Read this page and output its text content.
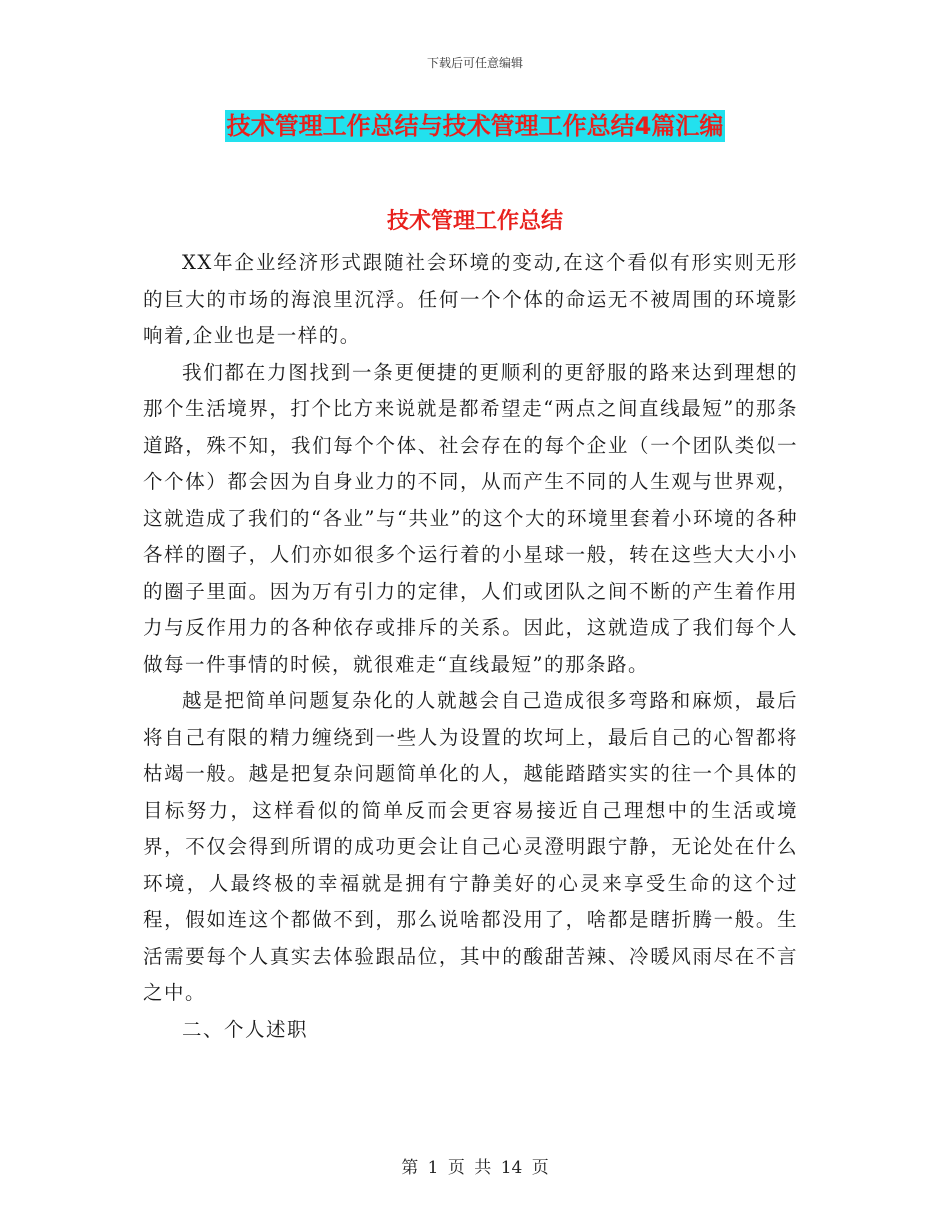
下载后可任意编辑
技术管理工作总结与技术管理工作总结4篇汇编
技术管理工作总结

XX年企业经济形式跟随社会环境的变动,在这个看似有形实则无形的巨大的市场的海浪里沉浮。任何一个个体的命运无不被周围的环境影响着,企业也是一样的。

我们都在力图找到一条更便捷的更顺利的更舒服的路来达到理想的那个生活境界，打个比方来说就是都希望走“两点之间直线最短”的那条道路，殊不知，我们每个个体、社会存在的每个企业（一个团队类似一个个体）都会因为自身业力的不同，从而产生不同的人生观与世界观，这就造成了我们的“各业”与“共业”的这个大的环境里套着小环境的各种各样的圈子，人们亦如很多个运行着的小星球一般，转在这些大大小小的圈子里面。因为万有引力的定律，人们或团队之间不断的产生着作用力与反作用力的各种依存或排斥的关系。因此，这就造成了我们每个人做每一件事情的时候，就很难走“直线最短”的那条路。

越是把简单问题复杂化的人就越会自己造成很多弯路和麻烦，最后将自己有限的精力缠绕到一些人为设置的坎坷上，最后自己的心智都将枯竭一般。越是把复杂问题简单化的人，越能踏踏实实的往一个具体的目标努力，这样看似的简单反而会更容易接近自己理想中的生活或境界，不仅会得到所谓的成功更会让自己心灵澄明跟宁静，无论处在什么环境，人最终极的幸福就是拥有宁静美好的心灵来享受生命的这个过程，假如连这个都做不到，那么说啥都没用了，啥都是瞎折腾一般。生活需要每个人真实去体验跟品位，其中的酸甜苦辣、冷暖风雨尽在不言之中。

二、个人述职

第 1 页 共 14 页
